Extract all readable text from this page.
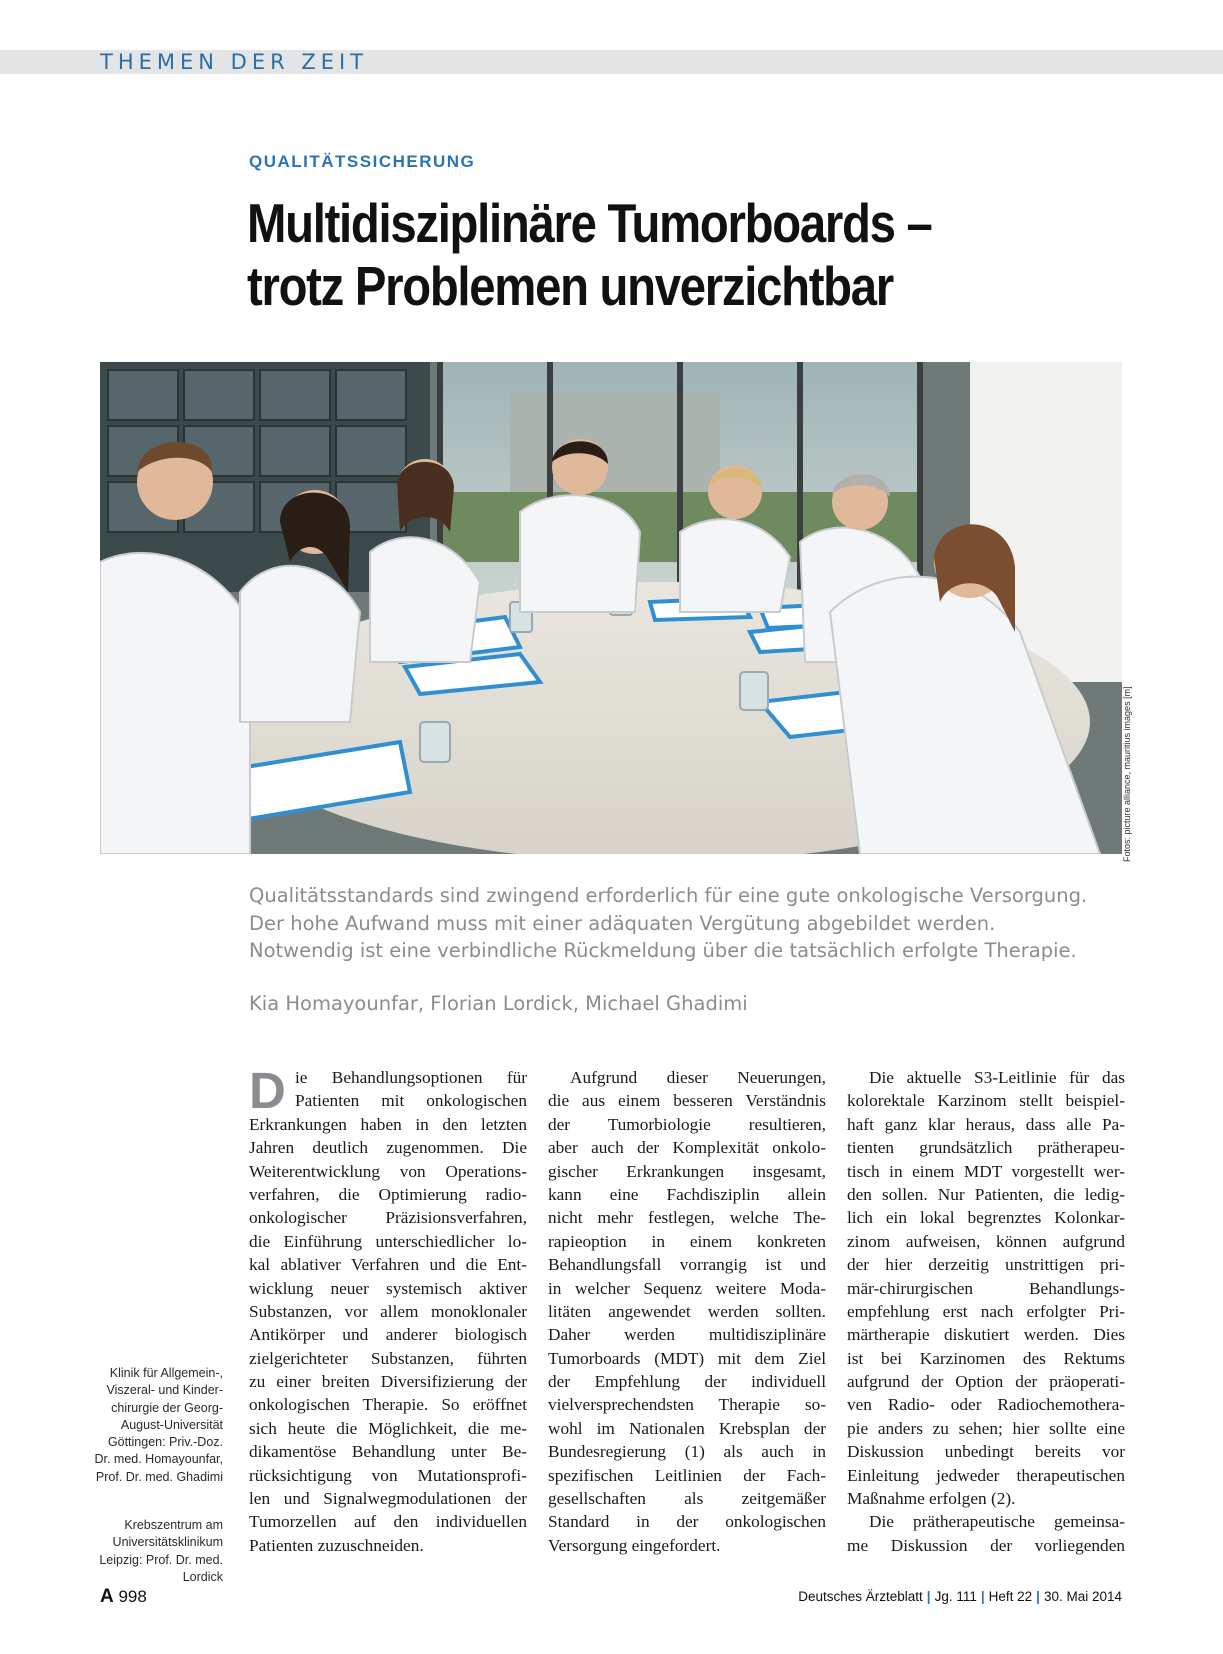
THEMEN DER ZEIT
QUALITÄTSSICHERUNG
Multidisziplinäre Tumorboards –
trotz Problemen unverzichtbar
Fotos: picture alliance, mauritius images [m]

Qualitätsstandards sind zwingend erforderlich für eine gute onkologische Versorgung.
Der hohe Aufwand muss mit einer adäquaten Vergütung abgebildet werden.
Notwendig ist eine verbindliche Rückmeldung über die tatsächlich erfolgte Therapie.

Kia Homayounfar, Florian Lordick, Michael Ghadimi
Klinik für Allgemein-,
Viszeral- und Kinder-
chirurgie der Georg-
August-Universität
Göttingen: Priv.-Doz.
Dr. med. Homayounfar,
Prof. Dr. med. Ghadimi
Krebszentrum am
Universitätsklinikum
Leipzig: Prof. Dr. med.
Lordick
D ie Behandlungsoptionen für
Patienten mit onkologischen
Erkrankungen haben in den letzten
Jahren deutlich zugenommen. Die
Weiterentwicklung von Operations-
verfahren, die Optimierung radio-
onkologischer Präzisionsverfahren,
die Einführung unterschiedlicher lo-
kal ablativer Verfahren und die Ent-
wicklung neuer systemisch aktiver
Substanzen, vor allem monoklonaler
Antikörper und anderer biologisch
zielgerichteter Substanzen, führten
zu einer breiten Diversifizierung der
onkologischen Therapie. So eröffnet
sich heute die Möglichkeit, die me-
dikamentöse Behandlung unter Be-
rücksichtigung von Mutationsprofi-
len und Signalwegmodulationen der
Tumorzellen auf den individuellen
Patienten zuzuschneiden.
Aufgrund dieser Neuerungen,
die aus einem besseren Verständnis
der Tumorbiologie resultieren,
aber auch der Komplexität onkolo-
gischer Erkrankungen insgesamt,
kann eine Fachdisziplin allein
nicht mehr festlegen, welche The-
rapieoption in einem konkreten
Behandlungsfall vorrangig ist und
in welcher Sequenz weitere Moda-
litäten angewendet werden sollten.
Daher werden multidisziplinäre
Tumorboards (MDT) mit dem Ziel
der Empfehlung der individuell
vielversprechendsten Therapie so-
wohl im Nationalen Krebsplan der
Bundesregierung (1) als auch in
spezifischen Leitlinien der Fach-
gesellschaften als zeitgemäßer
Standard in der onkologischen
Versorgung eingefordert.
Die aktuelle S3-Leitlinie für das
kolorektale Karzinom stellt beispiel-
haft ganz klar heraus, dass alle Pa-
tienten grundsätzlich prätherapeu-
tisch in einem MDT vorgestellt wer-
den sollen. Nur Patienten, die ledig-
lich ein lokal begrenztes Kolonkar-
zinom aufweisen, können aufgrund
der hier derzeitig unstrittigen pri-
mär-chirurgischen Behandlungs-
empfehlung erst nach erfolgter Pri-
märtherapie diskutiert werden. Dies
ist bei Karzinomen des Rektums
aufgrund der Option der präoperati-
ven Radio- oder Radiochemothera-
pie anders zu sehen; hier sollte eine
Diskussion unbedingt bereits vor
Einleitung jedweder therapeutischen
Maßnahme erfolgen (2).
Die prätherapeutische gemeinsa-
me Diskussion der vorliegenden
A 998	Deutsches Ärzteblatt | Jg. 111 | Heft 22 | 30. Mai 2014
